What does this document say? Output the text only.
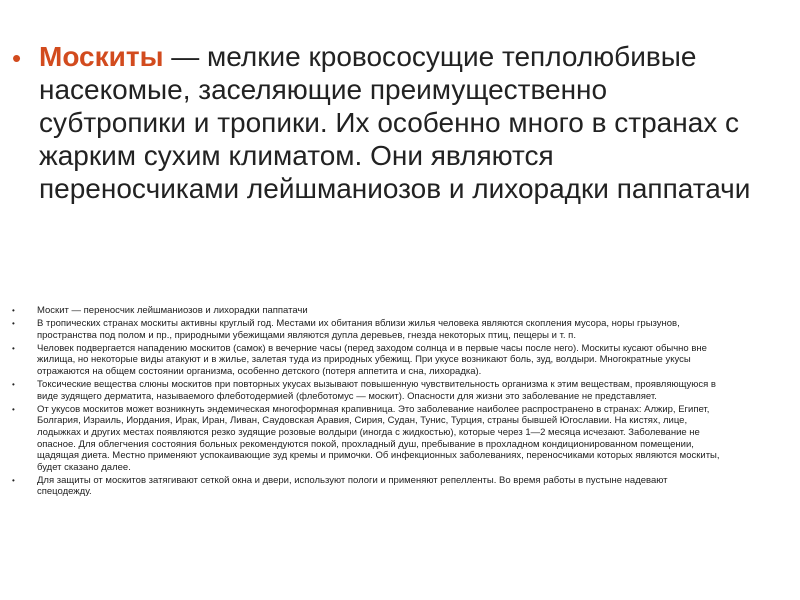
• Москиты — мелкие кровососущие теплолюбивые насекомые, заселяющие преимущественно субтропики и тропики. Их особенно много в странах с жарким сухим климатом. Они являются переносчиками лейшманиозов и лихорадки паппатачи
• Москит — переносчик лейшманиозов и лихорадки паппатачи
• В тропических странах москиты активны круглый год. Местами их обитания вблизи жилья человека являются скопления мусора, норы грызунов, пространства под полом и пр., природными убежищами являются дупла деревьев, гнезда некоторых птиц, пещеры и т. п.
• Человек подвергается нападению москитов (самок) в вечерние часы (перед заходом солнца и в первые часы после него). Москиты кусают обычно вне жилища, но некоторые виды атакуют и в жилье, залетая туда из природных убежищ. При укусе возникают боль, зуд, волдыри. Многократные укусы отражаются на общем состоянии организма, особенно детского (потеря аппетита и сна, лихорадка).
• Токсические вещества слюны москитов при повторных укусах вызывают повышенную чувствительность организма к этим веществам, проявляющуюся в виде зудящего дерматита, называемого флеботодермией (флеботомус — москит). Опасности для жизни это заболевание не представляет.
• От укусов москитов может возникнуть эндемическая многоформная крапивница. Это заболевание наиболее распространено в странах: Алжир, Египет, Болгария, Израиль, Иордания, Ирак, Иран, Ливан, Саудовская Аравия, Сирия, Судан, Тунис, Турция, страны бывшей Югославии. На кистях, лице, лодыжках и других местах появляются резко зудящие розовые волдыри (иногда с жидкостью), которые через 1—2 месяца исчезают. Заболевание не опасное. Для облегчения состояния больных рекомендуются покой, прохладный душ, пребывание в прохладном кондиционированном помещении, щадящая диета. Местно применяют успокаивающие зуд кремы и примочки. Об инфекционных заболеваниях, переносчиками которых являются москиты, будет сказано далее.
• Для защиты от москитов затягивают сеткой окна и двери, используют пологи и применяют репелленты. Во время работы в пустыне надевают спецодежду.
